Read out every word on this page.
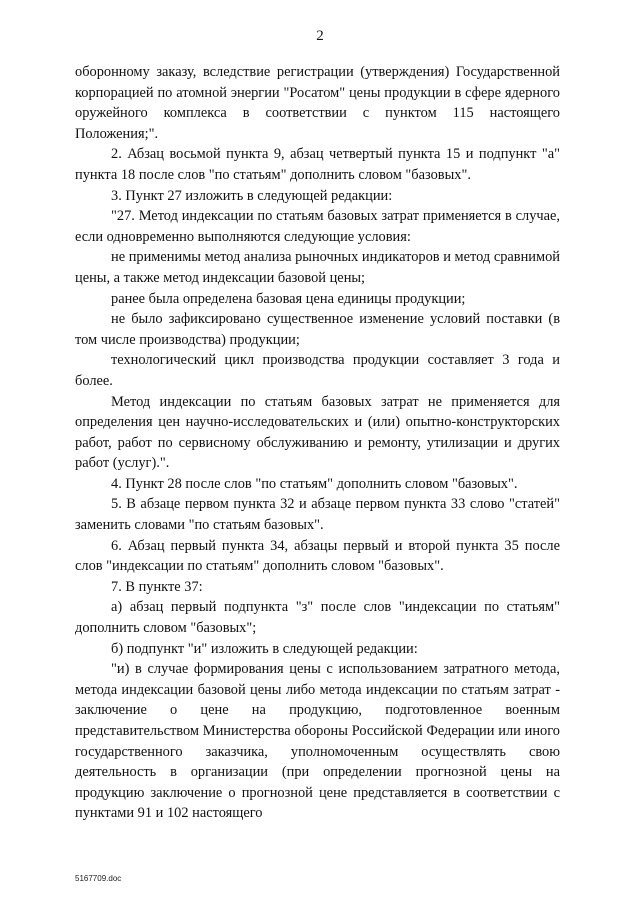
2

оборонному заказу, вследствие регистрации (утверждения) Государственной корпорацией по атомной энергии "Росатом" цены продукции в сфере ядерного оружейного комплекса в соответствии с пунктом 115 настоящего Положения;".

2. Абзац восьмой пункта 9, абзац четвертый пункта 15 и подпункт "а" пункта 18 после слов "по статьям" дополнить словом "базовых".

3. Пункт 27 изложить в следующей редакции:

"27. Метод индексации по статьям базовых затрат применяется в случае, если одновременно выполняются следующие условия:

не применимы метод анализа рыночных индикаторов и метод сравнимой цены, а также метод индексации базовой цены;

ранее была определена базовая цена единицы продукции;

не было зафиксировано существенное изменение условий поставки (в том числе производства) продукции;

технологический цикл производства продукции составляет 3 года и более.

Метод индексации по статьям базовых затрат не применяется для определения цен научно-исследовательских и (или) опытно-конструкторских работ, работ по сервисному обслуживанию и ремонту, утилизации и других работ (услуг).".

4. Пункт 28 после слов "по статьям" дополнить словом "базовых".

5. В абзаце первом пункта 32 и абзаце первом пункта 33 слово "статей" заменить словами "по статьям базовых".

6. Абзац первый пункта 34, абзацы первый и второй пункта 35 после слов "индексации по статьям" дополнить словом "базовых".

7. В пункте 37:

а) абзац первый подпункта "з" после слов "индексации по статьям" дополнить словом "базовых";

б) подпункт "и" изложить в следующей редакции:

"и) в случае формирования цены с использованием затратного метода, метода индексации базовой цены либо метода индексации по статьям затрат - заключение о цене на продукцию, подготовленное военным представительством Министерства обороны Российской Федерации или иного государственного заказчика, уполномоченным осуществлять свою деятельность в организации (при определении прогнозной цены на продукцию заключение о прогнозной цене представляется в соответствии с пунктами 91 и 102 настоящего

5167709.doc
